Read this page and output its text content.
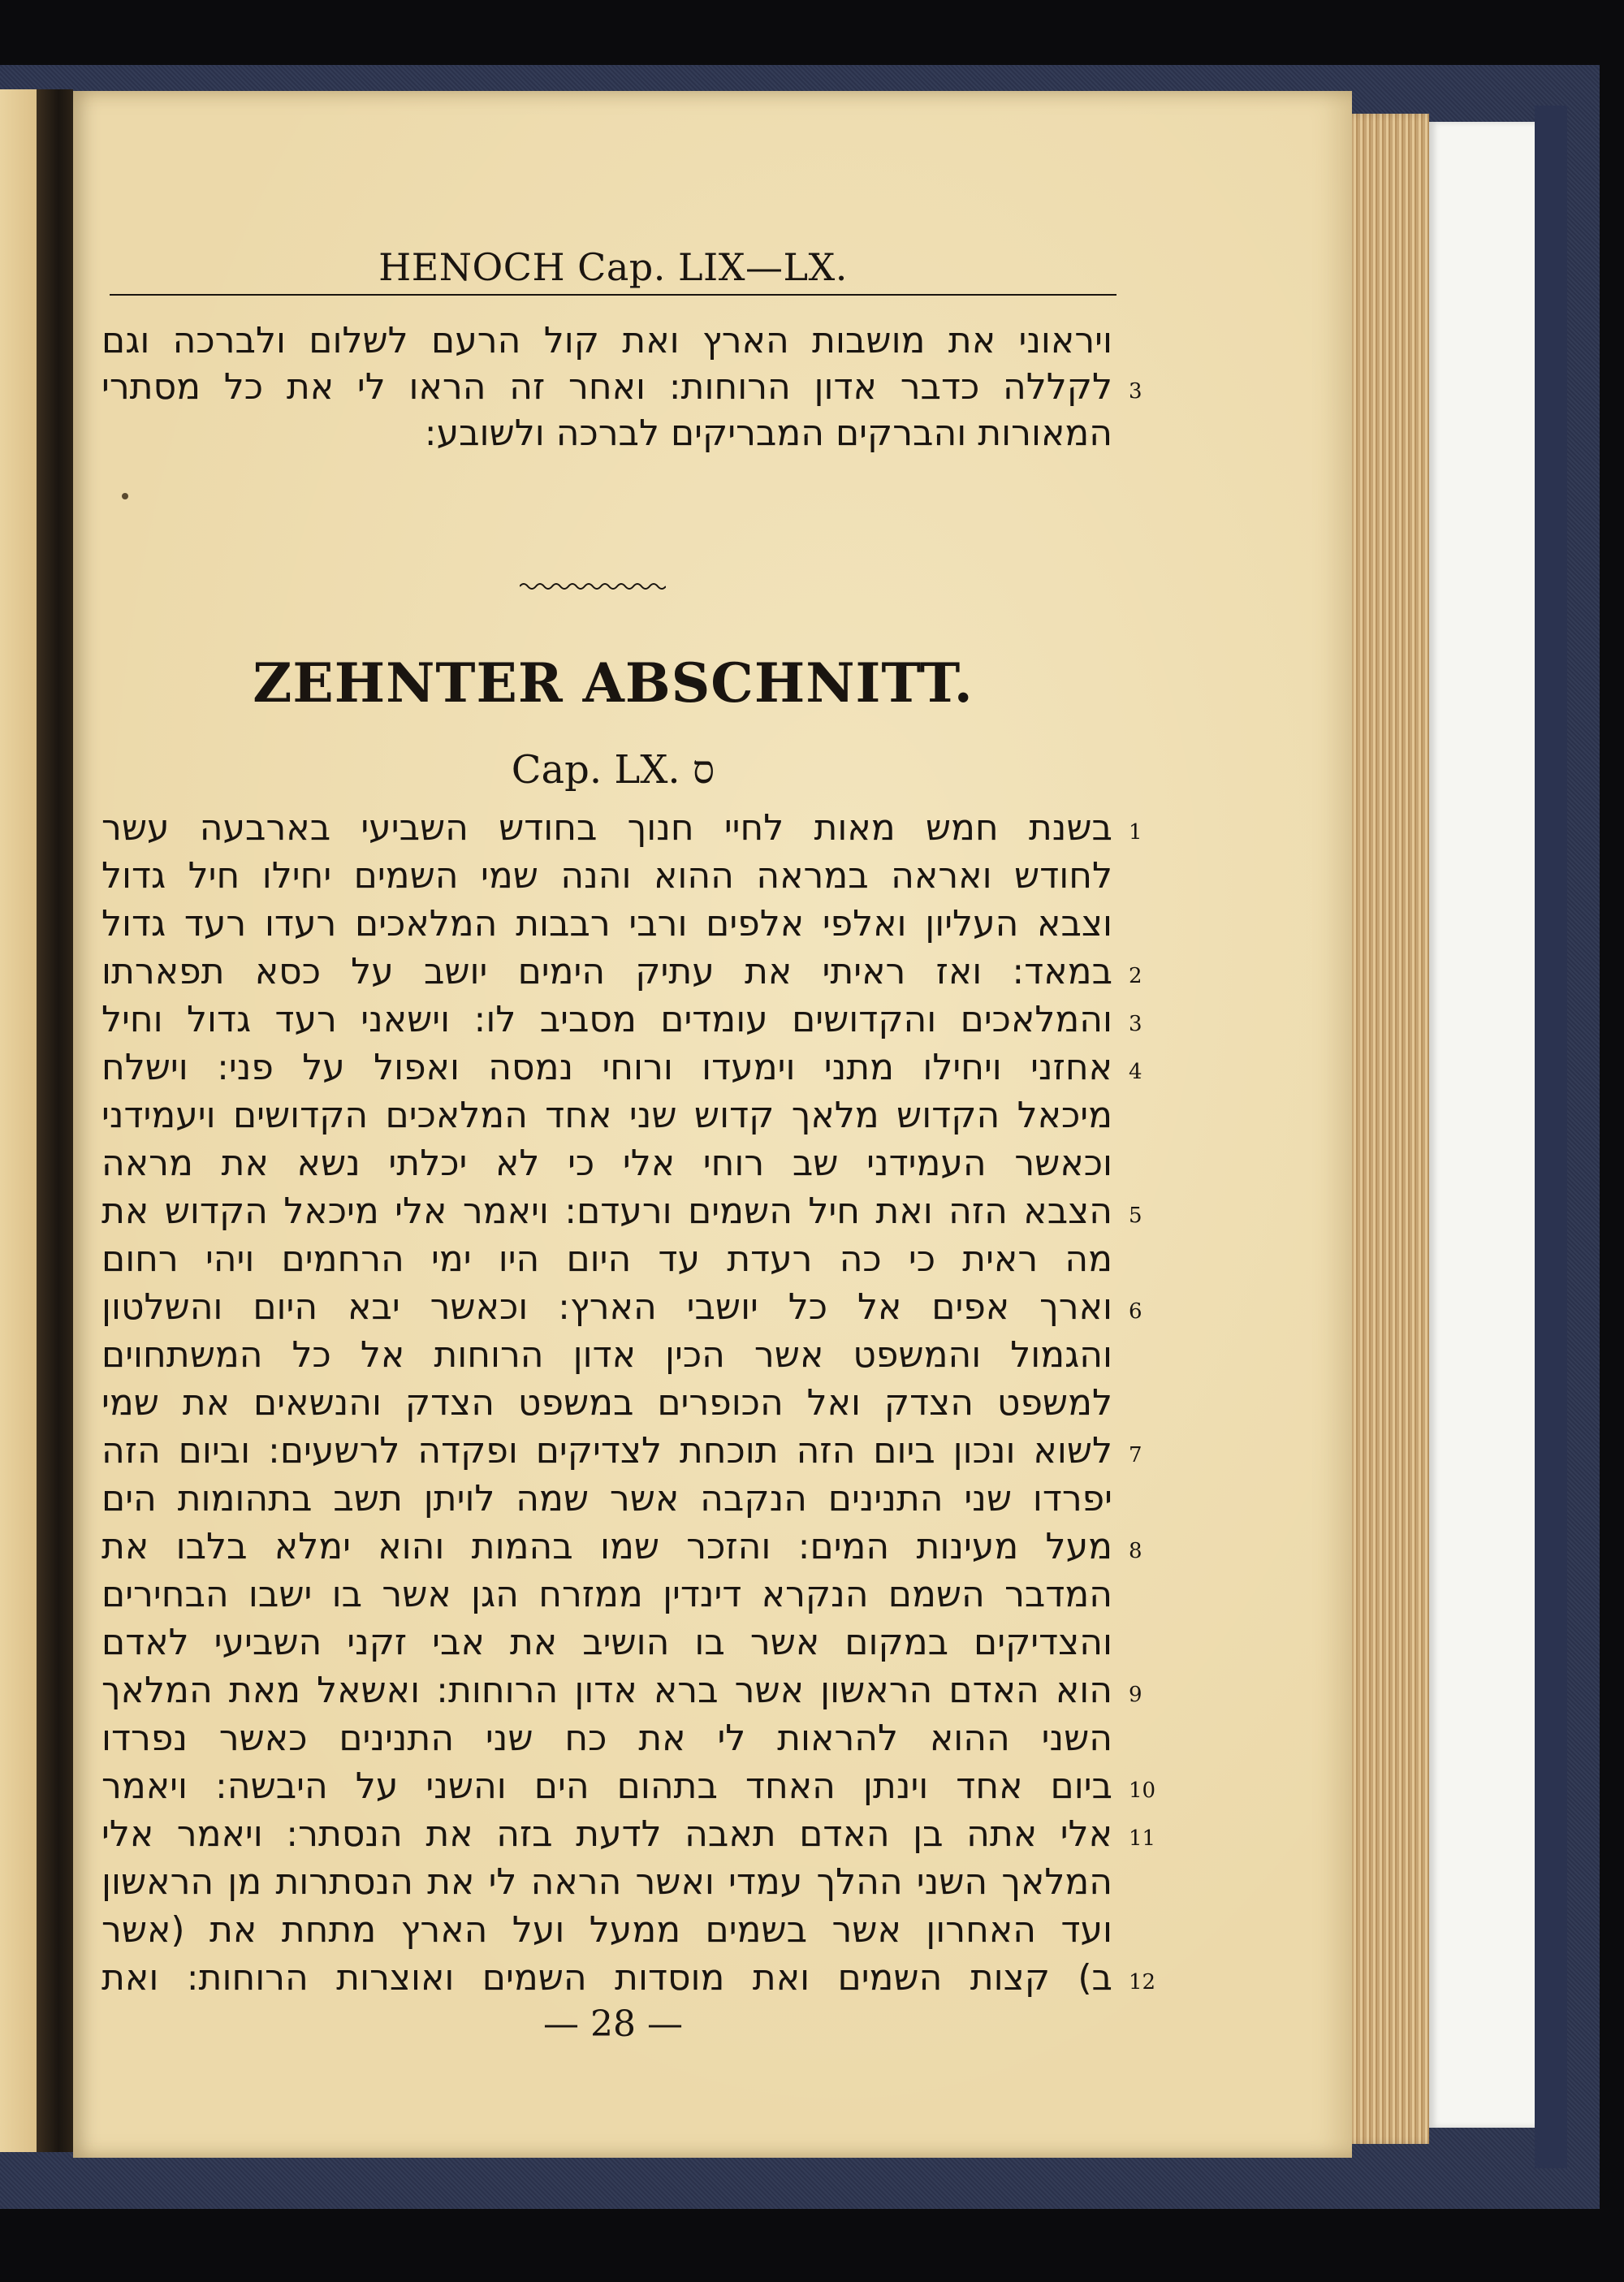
HENOCH Cap. LIX—LX.
ויראוני את מושבות הארץ ואת קול הרעם לשלום ולברכה וגם
לקללה כדבר אדון הרוחות: ואחר זה הראו לי את כל מסתרי 3
המאורות והברקים המבריקים לברכה ולשובע:
ZEHNTER ABSCHNITT.
Cap. LX. ס
בשנת חמש מאות לחיי חנוך בחודש השביעי בארבעה עשר 1
לחודש ואראה במראה ההוא והנה שמי השמים יחילו חיל גדול
וצבא העליון ואלפי אלפים ורבי רבבות המלאכים רעדו רעד גדול
במאד: ואז ראיתי את עתיק הימים יושב על כסא תפארתו 2
והמלאכים והקדושים עומדים מסביב לו: וישאני רעד גדול וחיל 3
אחזני ויחילו מתני וימעדו ורוחי נמסה ואפול על פני: וישלח 4
מיכאל הקדוש מלאך קדוש שני אחד המלאכים הקדושים ויעמידני
וכאשר העמידני שב רוחי אלי כי לא יכלתי נשא את מראה
הצבא הזה ואת חיל השמים ורעדם: ויאמר אלי מיכאל הקדוש את 5
מה ראית כי כה רעדת עד היום היו ימי הרחמים ויהי רחום
וארך אפים אל כל יושבי הארץ: וכאשר יבא היום והשלטון 6
והגמול והמשפט אשר הכין אדון הרוחות אל כל המשתחוים
למשפט הצדק ואל הכופרים במשפט הצדק והנשאים את שמי
לשוא ונכון ביום הזה תוכחת לצדיקים ופקדה לרשעים: וביום הזה 7
יפרדו שני התנינים הנקבה אשר שמה לויתן תשב בתהומות הים
מעל מעינות המים: והזכר שמו בהמות והוא ימלא בלבו את 8
המדבר השמם הנקרא דינדין ממזרח הגן אשר בו ישבו הבחירים
והצדיקים במקום אשר בו הושיב את אבי זקני השביעי לאדם
הוא האדם הראשון אשר ברא אדון הרוחות: ואשאל מאת המלאך 9
השני ההוא להראות לי את כח שני התנינים כאשר נפרדו
ביום אחד וינתן האחד בתהום הים והשני על היבשה: ויאמר 10
אלי אתה בן האדם תאבה לדעת בזה את הנסתר: ויאמר אלי 11
המלאך השני ההלך עמדי ואשר הראה לי את הנסתרות מן הראשון
ועד האחרון אשר בשמים ממעל ועל הארץ מתחת את (אשר
ב) קצות השמים ואת מוסדות השמים ואוצרות הרוחות: ואת 12
— 28 —
